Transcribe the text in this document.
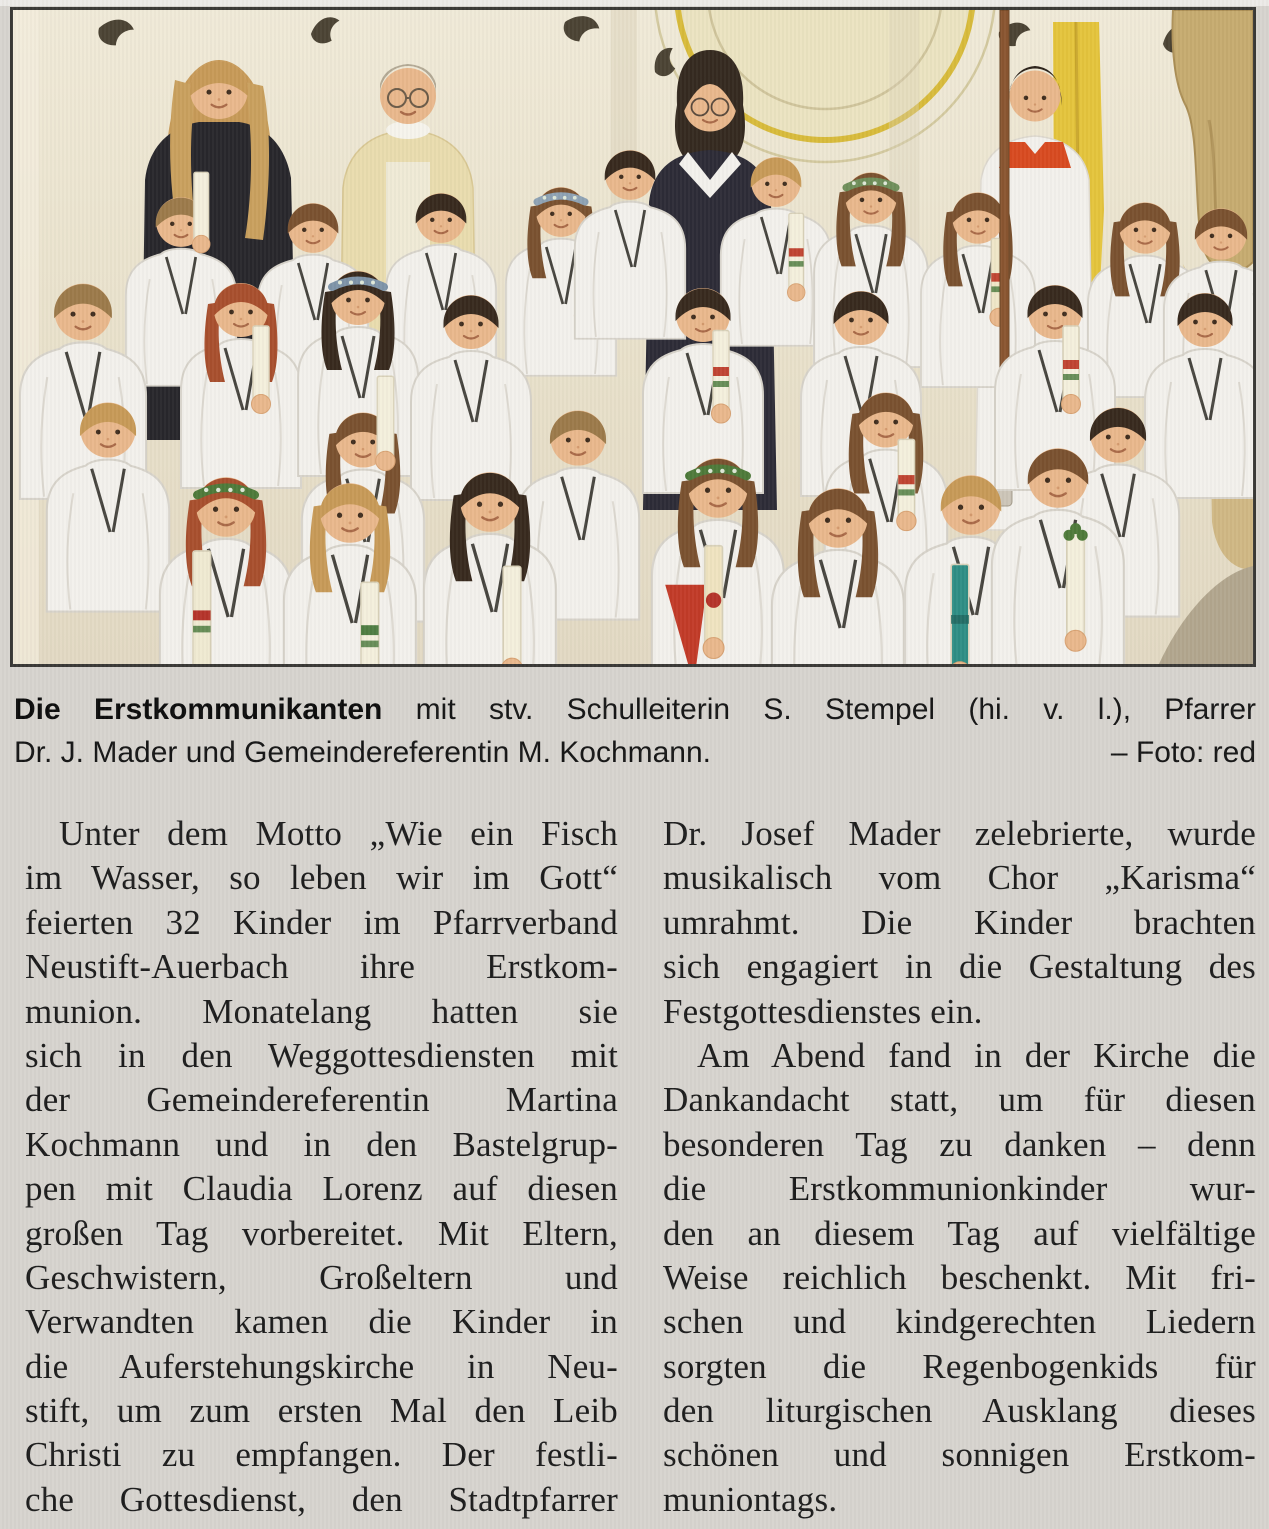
Die Erstkommunikanten mit stv. Schulleiterin S. Stempel (hi. v. l.), Pfarrer
Dr. J. Mader und Gemeindereferentin M. Kochmann.	– Foto: red
Unter dem Motto „Wie ein Fisch
im Wasser, so leben wir im Gott“
feierten 32 Kinder im Pfarrverband
Neustift-Auerbach ihre Erstkom-
munion. Monatelang hatten sie
sich in den Weggottesdiensten mit
der Gemeindereferentin Martina
Kochmann und in den Bastelgrup-
pen mit Claudia Lorenz auf diesen
großen Tag vorbereitet. Mit Eltern,
Geschwistern, Großeltern und
Verwandten kamen die Kinder in
die Auferstehungskirche in Neu-
stift, um zum ersten Mal den Leib
Christi zu empfangen. Der festli-
che Gottesdienst, den Stadtpfarrer
Dr. Josef Mader zelebrierte, wurde
musikalisch vom Chor „Karisma“
umrahmt. Die Kinder brachten
sich engagiert in die Gestaltung des
Festgottesdienstes ein.
Am Abend fand in der Kirche die
Dankandacht statt, um für diesen
besonderen Tag zu danken – denn
die Erstkommunionkinder wur-
den an diesem Tag auf vielfältige
Weise reichlich beschenkt. Mit fri-
schen und kindgerechten Liedern
sorgten die Regenbogenkids für
den liturgischen Ausklang dieses
schönen und sonnigen Erstkom-
muniontags.
